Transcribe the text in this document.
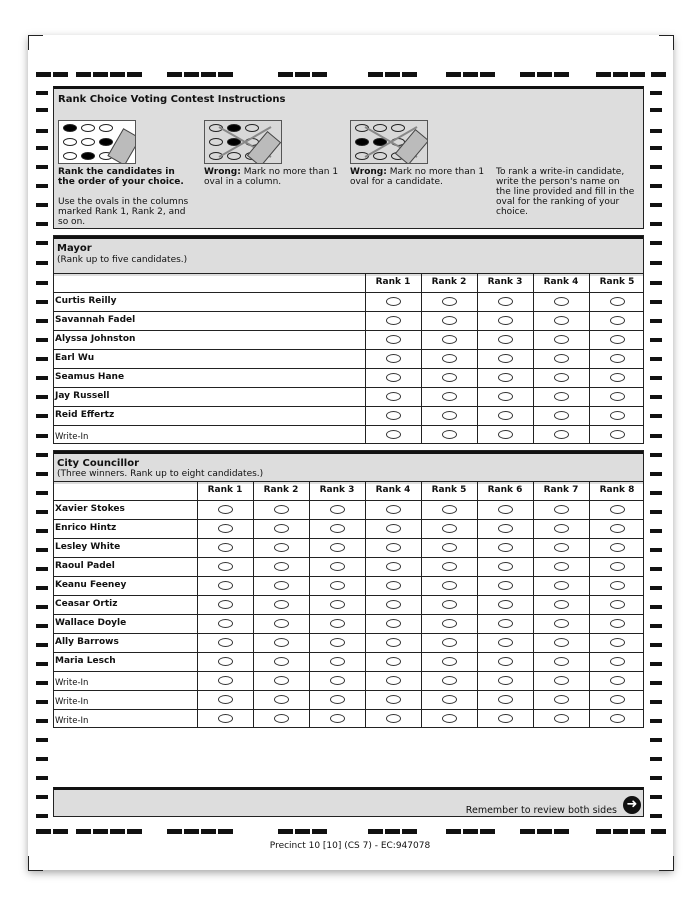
Rank Choice Voting Contest Instructions
Rank the candidates in the order of your choice.
Use the ovals in the columns marked Rank 1, Rank 2, and so on.
Wrong: Mark no more than 1 oval in a column.
Wrong: Mark no more than 1 oval for a candidate.
To rank a write-in candidate, write the person's name on the line provided and fill in the oval for the ranking of your choice.
Mayor
(Rank up to five candidates.)
Rank 1	Rank 2	Rank 3	Rank 4	Rank 5
Curtis Reilly
Savannah Fadel
Alyssa Johnston
Earl Wu
Seamus Hane
Jay Russell
Reid Effertz
Write-In
City Councillor
(Three winners. Rank up to eight candidates.)
Rank 1	Rank 2	Rank 3	Rank 4	Rank 5	Rank 6	Rank 7	Rank 8
Xavier Stokes
Enrico Hintz
Lesley White
Raoul Padel
Keanu Feeney
Ceasar Ortiz
Wallace Doyle
Ally Barrows
Maria Lesch
Write-In
Write-In
Write-In
Remember to review both sides ➜
Precinct 10 [10] (CS 7) - EC:947078
